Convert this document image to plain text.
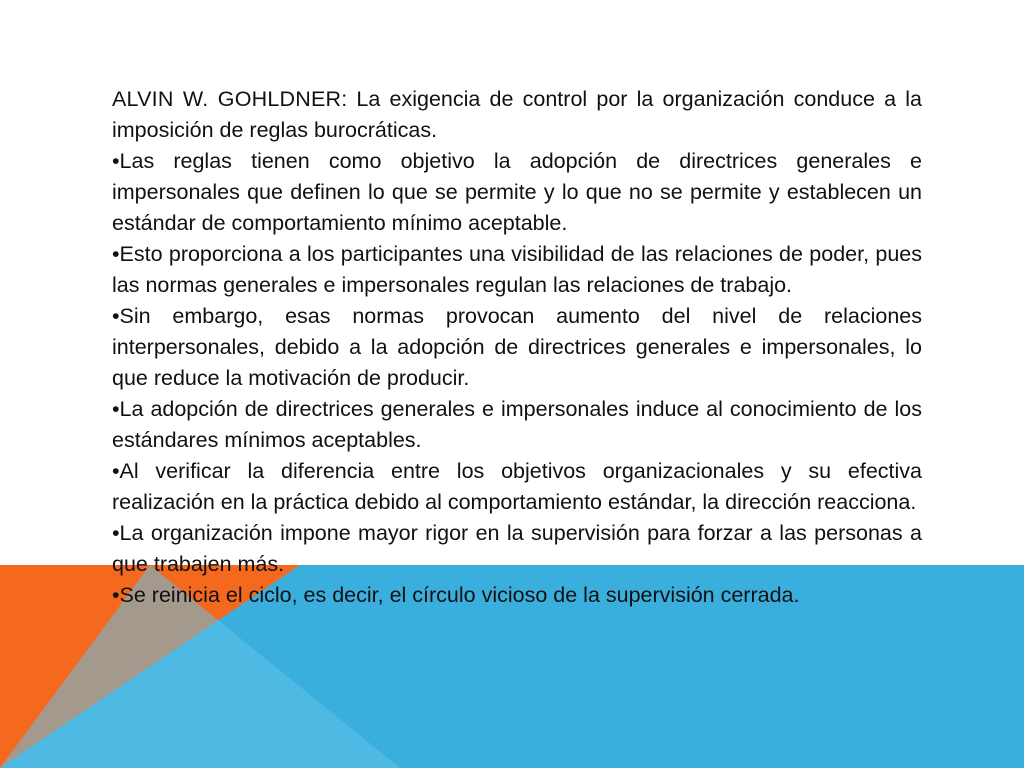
ALVIN W. GOHLDNER: La exigencia de control por la organización conduce a la imposición de reglas burocráticas.

•Las reglas tienen como objetivo la adopción de directrices generales e impersonales que definen lo que se permite y lo que no se permite y establecen un estándar de comportamiento mínimo aceptable.

•Esto proporciona a los participantes una visibilidad de las relaciones de poder, pues las normas generales e impersonales regulan las relaciones de trabajo.

•Sin embargo, esas normas provocan aumento del nivel de relaciones interpersonales, debido a la adopción de directrices generales e impersonales, lo que reduce la motivación de producir.

•La adopción de directrices generales e impersonales induce al conocimiento de los estándares mínimos aceptables.

•Al verificar la diferencia entre los objetivos organizacionales y su efectiva realización en la práctica debido al comportamiento estándar, la dirección reacciona.

•La organización impone mayor rigor en la supervisión para forzar a las personas a que trabajen más.

•Se reinicia el ciclo, es decir, el círculo vicioso de la supervisión cerrada.
